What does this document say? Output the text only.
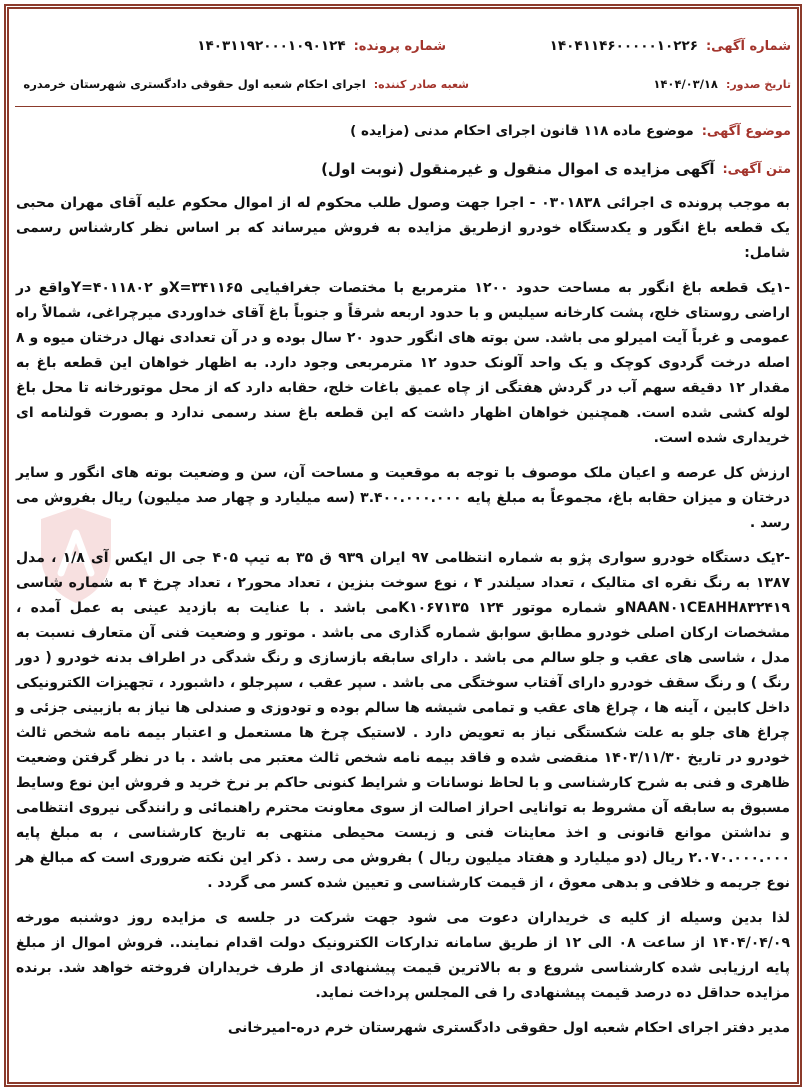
شماره آگهی:
۱۴۰۴۱۱۴۶۰۰۰۰۰۱۰۲۲۶
شماره پرونده:
۱۴۰۳۱۱۹۲۰۰۰۱۰۹۰۱۲۴
تاریخ صدور:
۱۴۰۴/۰۳/۱۸
شعبه صادر کننده:
اجرای احکام شعبه اول حقوقی دادگستری شهرستان خرمدره
موضوع آگهی:
موضوع ماده ۱۱۸ قانون اجرای احکام مدنی (مزایده )
متن آگهی:
آگهی مزایده ی اموال منقول و غیرمنقول (نوبت اول)

به موجب پرونده ی اجرائی ۰۳۰۱۸۳۸ - اجرا جهت وصول طلب محکوم له از اموال محکوم علیه آقای مهران محبی یک قطعه باغ انگور و یکدستگاه خودرو ازطریق مزایده به فروش میرساند که بر اساس نظر کارشناس رسمی شامل:

-۱یک قطعه باغ انگور به مساحت حدود ۱۲۰۰ مترمربع با مختصات جغرافیایی X=۳۴۱۱۶۵و Y=۴۰۱۱۸۰۲واقع در اراضی روستای خلج، پشت کارخانه سیلیس و با حدود اربعه شرقاً و جنوباً باغ آقای خداوردی میرچراغی، شمالاً راه عمومی و غرباً آیت امیرلو می باشد. سن بوته های انگور حدود ۲۰ سال بوده و در آن تعدادی نهال درختان میوه و ۸ اصله درخت گردوی کوچک و یک واحد آلونک حدود ۱۲ مترمربعی وجود دارد. به اظهار خواهان این قطعه باغ به مقدار ۱۲ دقیقه سهم آب در گردش هفتگی از چاه عمیق باغات خلج، حقابه دارد که از محل موتورخانه تا محل باغ لوله کشی شده است. همچنین خواهان اظهار داشت که این قطعه باغ سند رسمی ندارد و بصورت قولنامه ای خریداری شده است.

ارزش کل عرصه و اعیان ملک موصوف با توجه به موقعیت و مساحت آن، سن و وضعیت بوته های انگور و سایر درختان و میزان حقابه باغ، مجموعاً به مبلغ پایه ۳.۴۰۰.۰۰۰.۰۰۰ (سه میلیارد و چهار صد میلیون) ریال بفروش می رسد .

-۲یک دستگاه خودرو سواری پژو به شماره انتظامی ۹۷ ایران ۹۳۹ ق ۳۵ به تیپ ۴۰۵ جی ال ایکس آی ۱/۸ ، مدل ۱۳۸۷ به رنگ نقره ای متالیک ، تعداد سیلندر ۴ ، نوع سوخت بنزین ، تعداد محور۲ ، تعداد چرخ ۴ به شماره شاسی NAAN۰۱CE۸HH۸۳۲۴۱۹و شماره موتور ۱۲۴ K۱۰۶۷۱۳۵می باشد . با عنایت به بازدید عینی به عمل آمده ، مشخصات ارکان اصلی خودرو مطابق سوابق شماره گذاری می باشد . موتور و وضعیت فنی آن متعارف نسبت به مدل ، شاسی های عقب و جلو سالم می باشد . دارای سابقه بازسازی و رنگ شدگی در اطراف بدنه خودرو ( دور رنگ ) و رنگ سقف خودرو دارای آفتاب سوختگی می باشد . سپر عقب ، سپرجلو ، داشبورد ، تجهیزات الکترونیکی داخل کابین ، آینه ها ، چراغ های عقب و تمامی شیشه ها سالم بوده و تودوزی و صندلی ها نیاز به بازبینی جزئی و چراغ های جلو به علت شکستگی نیاز به تعویض دارد . لاستیک چرخ ها مستعمل و اعتبار بیمه نامه شخص ثالث خودرو در تاریخ ۱۴۰۳/۱۱/۳۰ منقضی شده و فاقد بیمه نامه شخص ثالث معتبر می باشد . با در نظر گرفتن وضعیت ظاهری و فنی به شرح کارشناسی و با لحاظ نوسانات و شرایط کنونی حاکم بر نرخ خرید و فروش این نوع وسایط مسبوق به سابقه آن مشروط به توانایی احراز اصالت از سوی معاونت محترم راهنمائی و رانندگی نیروی انتظامی و نداشتن موانع قانونی و اخذ معاینات فنی و زیست محیطی منتهی به تاریخ کارشناسی ، به مبلغ پایه ۲.۰۷۰.۰۰۰.۰۰۰ ریال (دو میلیارد و هفتاد میلیون ریال ) بفروش می رسد . ذکر این نکته ضروری است که مبالغ هر نوع جریمه و خلافی و بدهی معوق ، از قیمت کارشناسی و تعیین شده کسر می گردد .

لذا بدین وسیله از کلیه ی خریداران دعوت می شود جهت شرکت در جلسه ی مزایده روز دوشنبه مورخه ۱۴۰۴/۰۴/۰۹ از ساعت ۰۸ الی ۱۲ از طریق سامانه تدارکات الکترونیک دولت اقدام نمایند.. فروش اموال از مبلغ پایه ارزیابی شده کارشناسی شروع و به بالاترین قیمت پیشنهادی از طرف خریداران فروخته خواهد شد. برنده مزایده حداقل ده درصد قیمت پیشنهادی را فی المجلس پرداخت نماید.

مدیر دفتر اجرای احکام شعبه اول حقوقی دادگستری شهرستان خرم دره-امیرخانی
